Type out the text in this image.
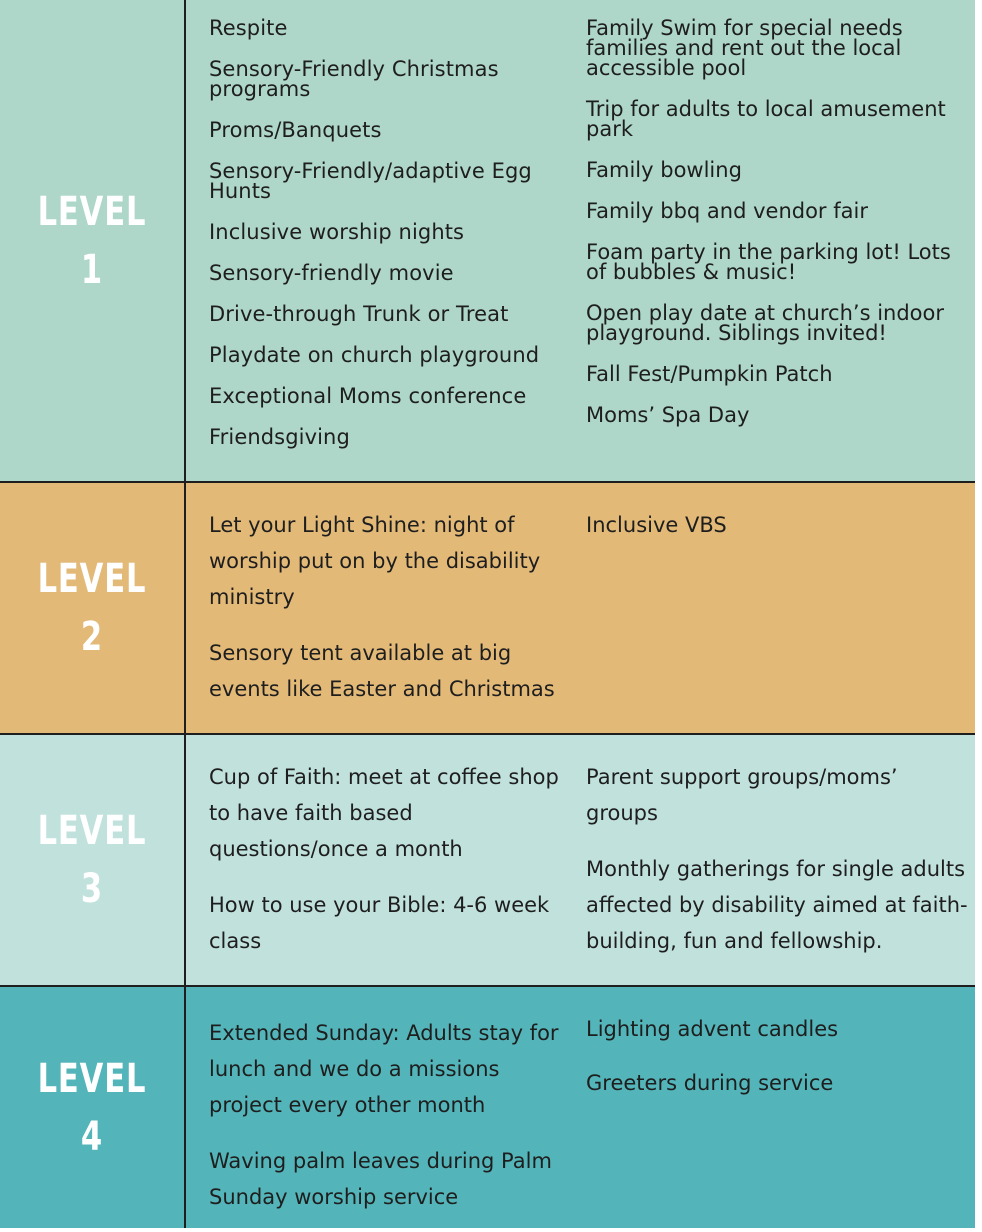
LEVEL
1
Respite
Sensory-Friendly Christmas programs
Proms/Banquets
Sensory-Friendly/adaptive Egg Hunts
Inclusive worship nights
Sensory-friendly movie
Drive-through Trunk or Treat
Playdate on church playground
Exceptional Moms conference
Friendsgiving
Family Swim for special needs families and rent out the local accessible pool
Trip for adults to local amusement park
Family bowling
Family bbq and vendor fair
Foam party in the parking lot! Lots of bubbles & music!
Open play date at church’s indoor playground. Siblings invited!
Fall Fest/Pumpkin Patch
Moms’ Spa Day
LEVEL
2
Let your Light Shine: night of worship put on by the disability ministry
Sensory tent available at big events like Easter and Christmas
Inclusive VBS
LEVEL
3
Cup of Faith: meet at coffee shop to have faith based questions/once a month
How to use your Bible: 4-6 week class
Parent support groups/moms’ groups
Monthly gatherings for single adults affected by disability aimed at faith-building, fun and fellowship.
LEVEL
4
Extended Sunday: Adults stay for lunch and we do a missions project every other month
Waving palm leaves during Palm Sunday worship service
Lighting advent candles
Greeters during service
